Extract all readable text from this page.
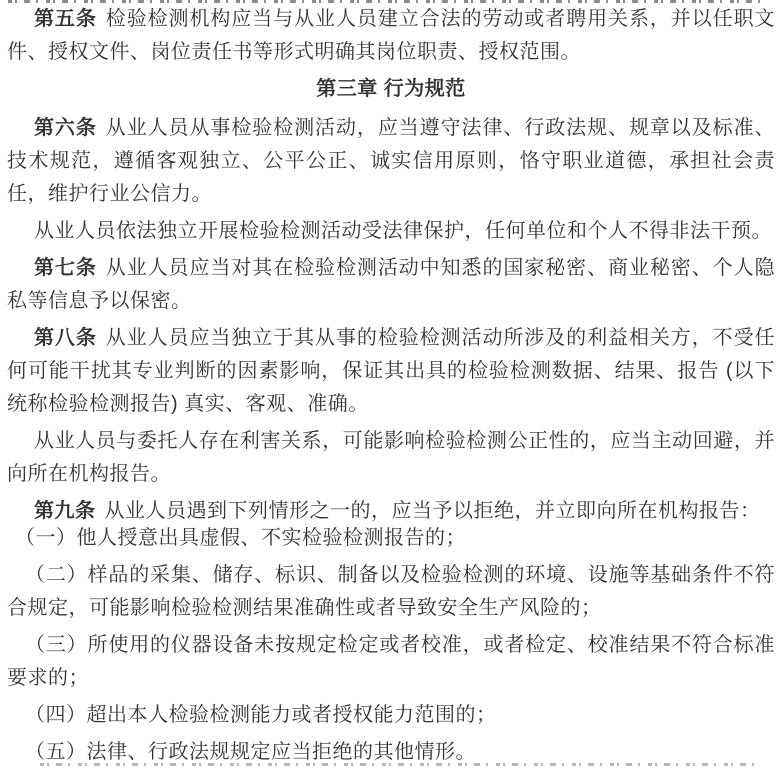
第五条 检验检测机构应当与从业人员建立合法的劳动或者聘用关系，并以任职文件、授权文件、岗位责任书等形式明确其岗位职责、授权范围。

第三章 行为规范

第六条 从业人员从事检验检测活动，应当遵守法律、行政法规、规章以及标准、技术规范，遵循客观独立、公平公正、诚实信用原则，恪守职业道德，承担社会责任，维护行业公信力。

从业人员依法独立开展检验检测活动受法律保护，任何单位和个人不得非法干预。

第七条 从业人员应当对其在检验检测活动中知悉的国家秘密、商业秘密、个人隐私等信息予以保密。

第八条 从业人员应当独立于其从事的检验检测活动所涉及的利益相关方，不受任何可能干扰其专业判断的因素影响，保证其出具的检验检测数据、结果、报告 (以下统称检验检测报告) 真实、客观、准确。

从业人员与委托人存在利害关系，可能影响检验检测公正性的，应当主动回避，并向所在机构报告。

第九条 从业人员遇到下列情形之一的，应当予以拒绝，并立即向所在机构报告：

（一）他人授意出具虚假、不实检验检测报告的；

（二）样品的采集、储存、标识、制备以及检验检测的环境、设施等基础条件不符合规定，可能影响检验检测结果准确性或者导致安全生产风险的；

（三）所使用的仪器设备未按规定检定或者校准，或者检定、校准结果不符合标准要求的；

（四）超出本人检验检测能力或者授权能力范围的；

（五）法律、行政法规规定应当拒绝的其他情形。
